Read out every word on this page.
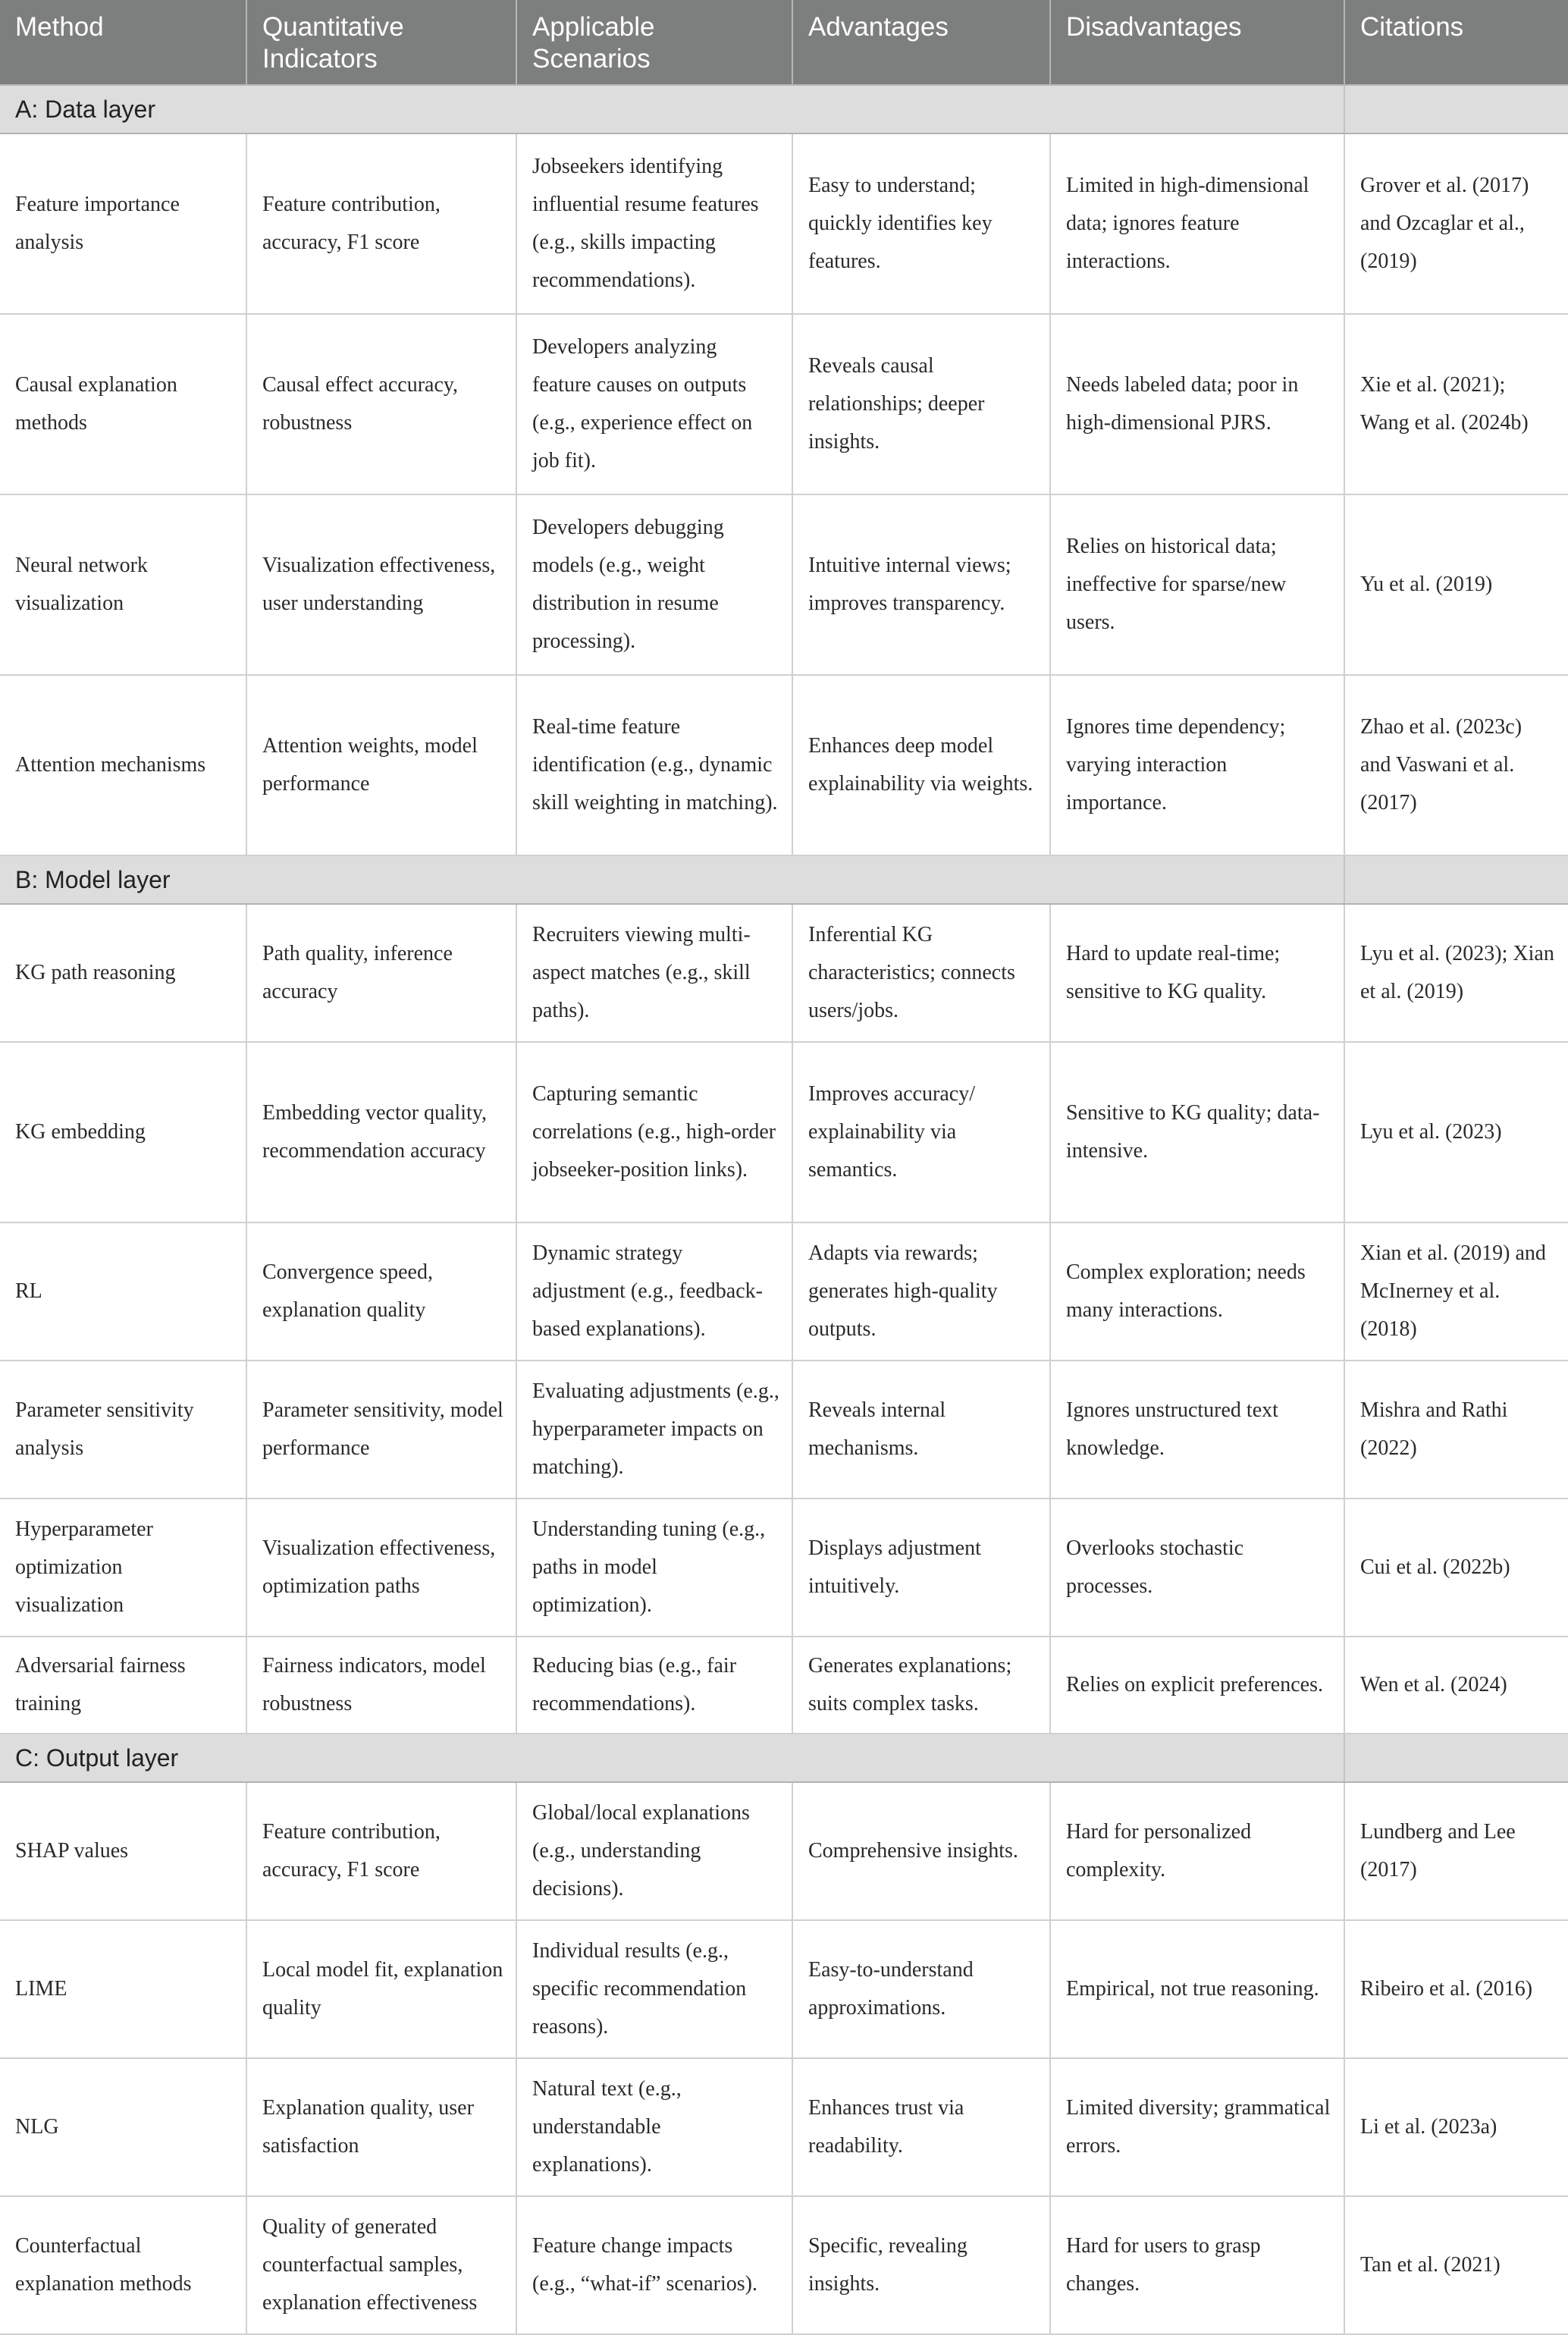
Method	Quantitative Indicators	Applicable Scenarios	Advantages	Disadvantages	Citations
A: Data layer					
Feature importance analysis	Feature contribution, accuracy, F1 score	Jobseekers identifying influential resume features (e.g., skills impacting recommendations).	Easy to understand; quickly identifies key features.	Limited in high-dimensional data; ignores feature interactions.	Grover et al. (2017) and Ozcaglar et al., (2019)
Causal explanation methods	Causal effect accuracy, robustness	Developers analyzing feature causes on outputs (e.g., experience effect on job fit).	Reveals causal relationships; deeper insights.	Needs labeled data; poor in high-dimensional PJRS.	Xie et al. (2021); Wang et al. (2024b)
Neural network visualization	Visualization effectiveness, user understanding	Developers debugging models (e.g., weight distribution in resume processing).	Intuitive internal views; improves transparency.	Relies on historical data; ineffective for sparse/new users.	Yu et al. (2019)
Attention mechanisms	Attention weights, model performance	Real-time feature identification (e.g., dynamic skill weighting in matching).	Enhances deep model explainability via weights.	Ignores time dependency; varying interaction importance.	Zhao et al. (2023c) and Vaswani et al. (2017)
B: Model layer					
KG path reasoning	Path quality, inference accuracy	Recruiters viewing multi-aspect matches (e.g., skill paths).	Inferential KG characteristics; connects users/jobs.	Hard to update real-time; sensitive to KG quality.	Lyu et al. (2023); Xian et al. (2019)
KG embedding	Embedding vector quality, recommendation accuracy	Capturing semantic correlations (e.g., high-order jobseeker-position links).	Improves accuracy/ explainability via semantics.	Sensitive to KG quality; data-intensive.	Lyu et al. (2023)
RL	Convergence speed, explanation quality	Dynamic strategy adjustment (e.g., feedback-based explanations).	Adapts via rewards; generates high-quality outputs.	Complex exploration; needs many interactions.	Xian et al. (2019) and McInerney et al. (2018)
Parameter sensitivity analysis	Parameter sensitivity, model performance	Evaluating adjustments (e.g., hyperparameter impacts on matching).	Reveals internal mechanisms.	Ignores unstructured text knowledge.	Mishra and Rathi (2022)
Hyperparameter optimization visualization	Visualization effectiveness, optimization paths	Understanding tuning (e.g., paths in model optimization).	Displays adjustment intuitively.	Overlooks stochastic processes.	Cui et al. (2022b)
Adversarial fairness training	Fairness indicators, model robustness	Reducing bias (e.g., fair recommendations).	Generates explanations; suits complex tasks.	Relies on explicit preferences.	Wen et al. (2024)
C: Output layer					
SHAP values	Feature contribution, accuracy, F1 score	Global/local explanations (e.g., understanding decisions).	Comprehensive insights.	Hard for personalized complexity.	Lundberg and Lee (2017)
LIME	Local model fit, explanation quality	Individual results (e.g., specific recommendation reasons).	Easy-to-understand approximations.	Empirical, not true reasoning.	Ribeiro et al. (2016)
NLG	Explanation quality, user satisfaction	Natural text (e.g., understandable explanations).	Enhances trust via readability.	Limited diversity; grammatical errors.	Li et al. (2023a)
Counterfactual explanation methods	Quality of generated counterfactual samples, explanation effectiveness	Feature change impacts (e.g., “what-if” scenarios).	Specific, revealing insights.	Hard for users to grasp changes.	Tan et al. (2021)
